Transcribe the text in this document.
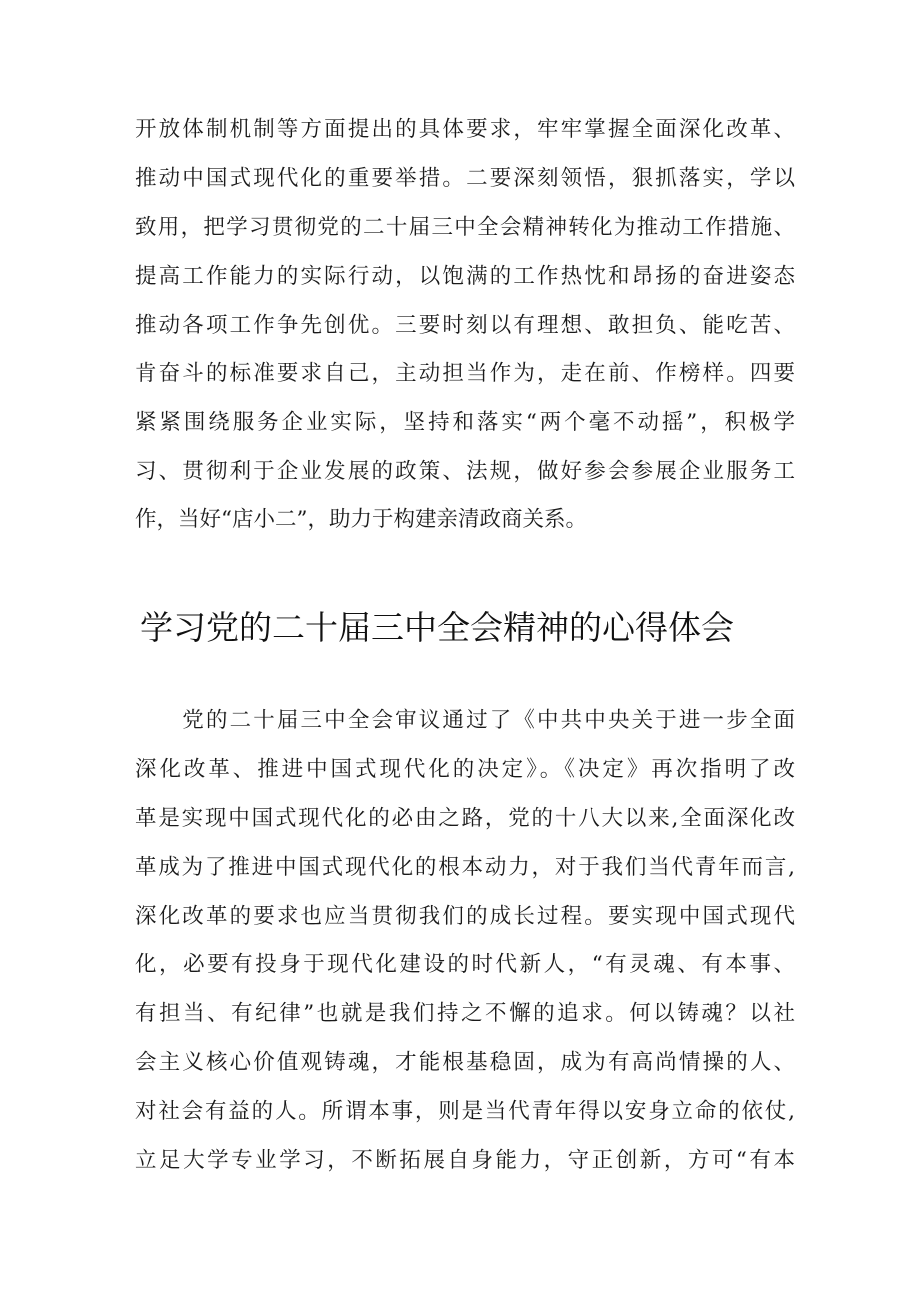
开放体制机制等方面提出的具体要求，牢牢掌握全面深化改革、
推动中国式现代化的重要举措。二要深刻领悟，狠抓落实，学以
致用，把学习贯彻党的二十届三中全会精神转化为推动工作措施、
提高工作能力的实际行动，以饱满的工作热忱和昂扬的奋进姿态
推动各项工作争先创优。三要时刻以有理想、敢担负、能吃苦、
肯奋斗的标准要求自己，主动担当作为，走在前、作榜样。四要
紧紧围绕服务企业实际，坚持和落实“两个毫不动摇”，积极学
习、贯彻利于企业发展的政策、法规，做好参会参展企业服务工
作，当好“店小二”，助力于构建亲清政商关系。
学习党的二十届三中全会精神的心得体会
　　党的二十届三中全会审议通过了《中共中央关于进一步全面
深化改革、推进中国式现代化的决定》。《决定》再次指明了改
革是实现中国式现代化的必由之路，党的十八大以来,全面深化改
革成为了推进中国式现代化的根本动力，对于我们当代青年而言,
深化改革的要求也应当贯彻我们的成长过程。要实现中国式现代
化，必要有投身于现代化建设的时代新人，“有灵魂、有本事、
有担当、有纪律”也就是我们持之不懈的追求。何以铸魂？以社
会主义核心价值观铸魂，才能根基稳固，成为有高尚情操的人、
对社会有益的人。所谓本事，则是当代青年得以安身立命的依仗,
立足大学专业学习，不断拓展自身能力，守正创新，方可“有本
